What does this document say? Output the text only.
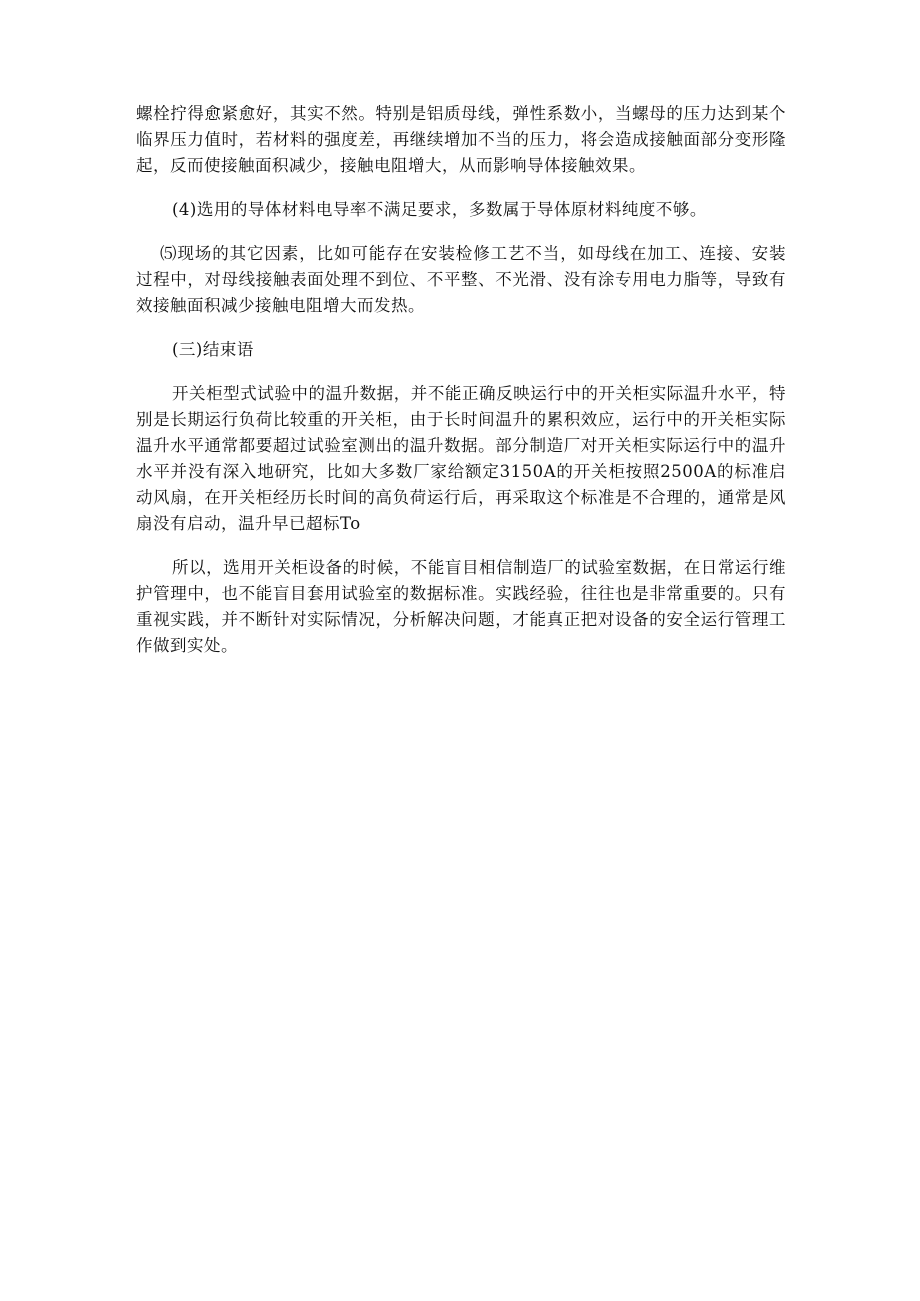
螺栓拧得愈紧愈好，其实不然。特别是铝质母线，弹性系数小，当螺母的压力达到某个临界压力值时，若材料的强度差，再继续增加不当的压力，将会造成接触面部分变形隆起，反而使接触面积减少，接触电阻增大，从而影响导体接触效果。

(4)选用的导体材料电导率不满足要求，多数属于导体原材料纯度不够。

⑸现场的其它因素，比如可能存在安装检修工艺不当，如母线在加工、连接、安装过程中，对母线接触表面处理不到位、不平整、不光滑、没有涂专用电力脂等，导致有效接触面积减少接触电阻增大而发热。

(三)结束语

开关柜型式试验中的温升数据，并不能正确反映运行中的开关柜实际温升水平，特别是长期运行负荷比较重的开关柜，由于长时间温升的累积效应，运行中的开关柜实际温升水平通常都要超过试验室测出的温升数据。部分制造厂对开关柜实际运行中的温升水平并没有深入地研究，比如大多数厂家给额定3150A的开关柜按照2500A的标准启动风扇，在开关柜经历长时间的高负荷运行后，再采取这个标准是不合理的，通常是风扇没有启动，温升早已超标To

所以，选用开关柜设备的时候，不能盲目相信制造厂的试验室数据，在日常运行维护管理中，也不能盲目套用试验室的数据标准。实践经验，往往也是非常重要的。只有重视实践，并不断针对实际情况，分析解决问题，才能真正把对设备的安全运行管理工作做到实处。
